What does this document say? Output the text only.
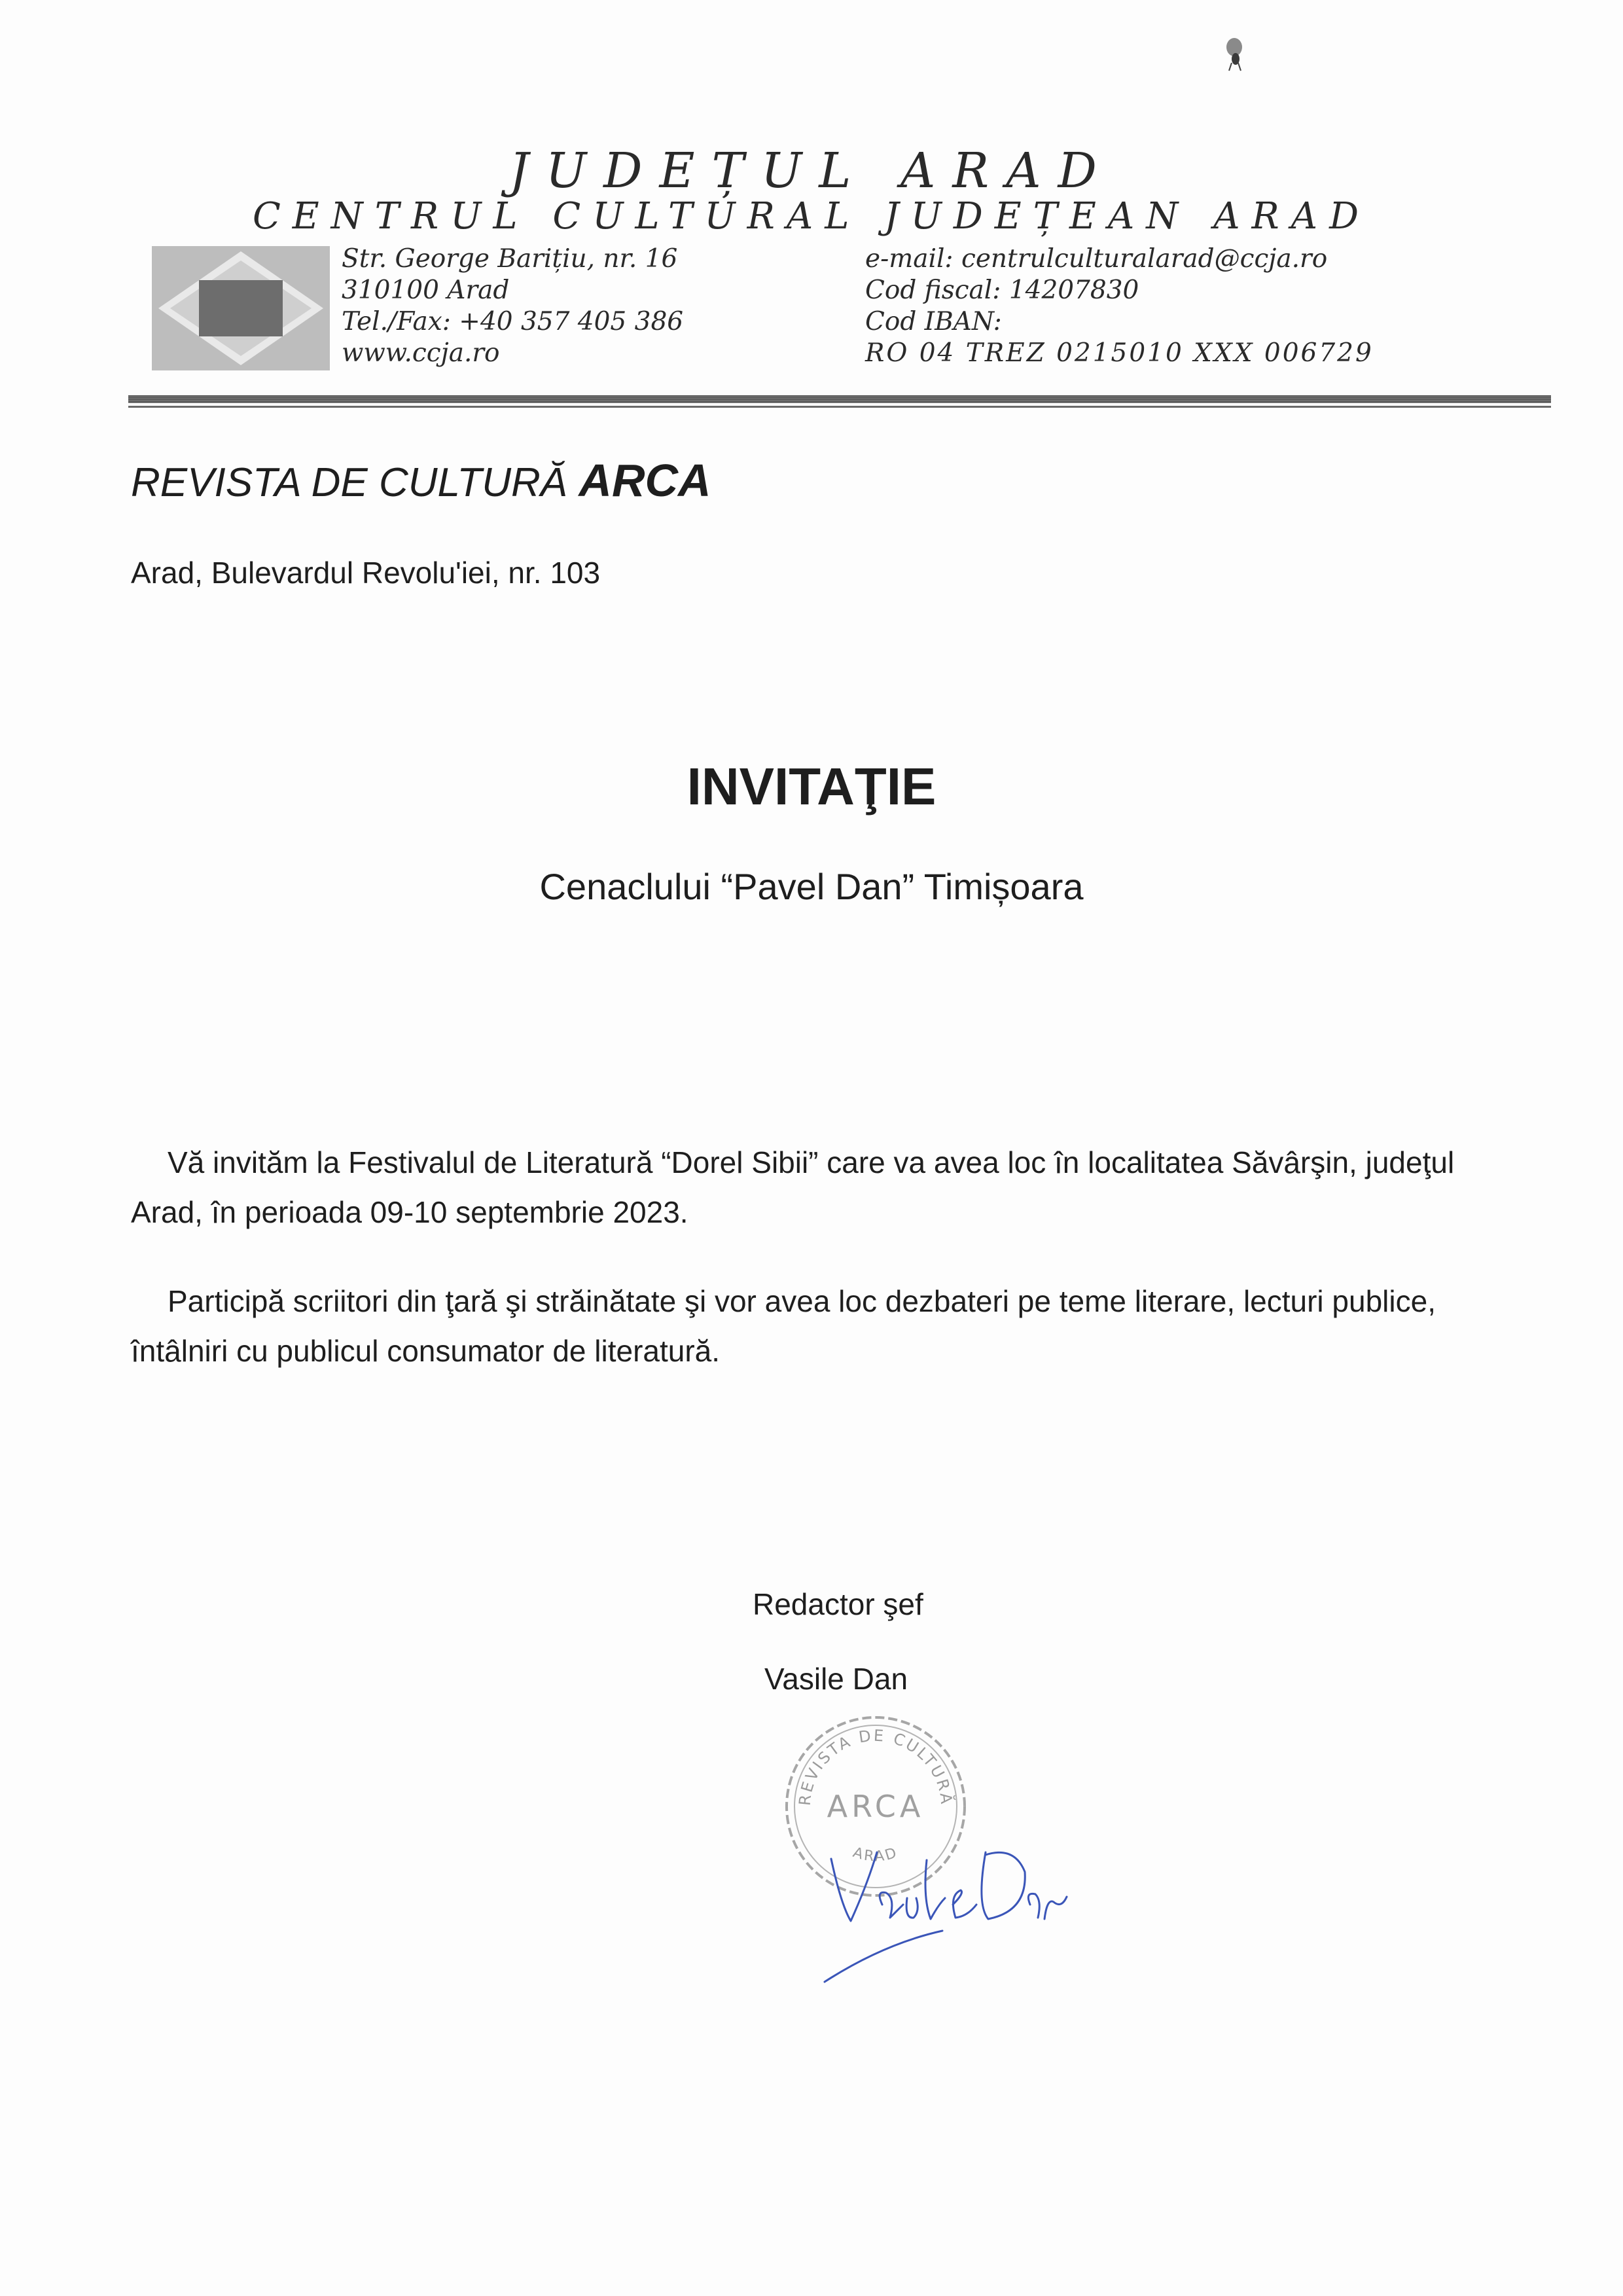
JUDEȚUL ARAD
CENTRUL CULTURAL JUDEȚEAN ARAD
Str. George Barițiu, nr. 16
310100 Arad
Tel./Fax: +40 357 405 386
www.ccja.ro
e-mail: centrulculturalarad@ccja.ro
Cod fiscal: 14207830
Cod IBAN:
RO 04 TREZ 0215010 XXX 006729
REVISTA DE CULTURĂ ARCA
Arad, Bulevardul Revolu'iei, nr. 103
INVITAŢIE
Cenaclului “Pavel Dan” Timișoara
Vă invităm la Festivalul de Literatură “Dorel Sibii” care va avea loc în localitatea Săvârşin, judeţul Arad, în perioada 09-10 septembrie 2023.
Participă scriitori din ţară şi străinătate şi vor avea loc dezbateri pe teme literare, lecturi publice, întâlniri cu publicul consumator de literatură.
Redactor şef
Vasile Dan
REVISTA DE CULTURĂ
ARCA
ARAD
